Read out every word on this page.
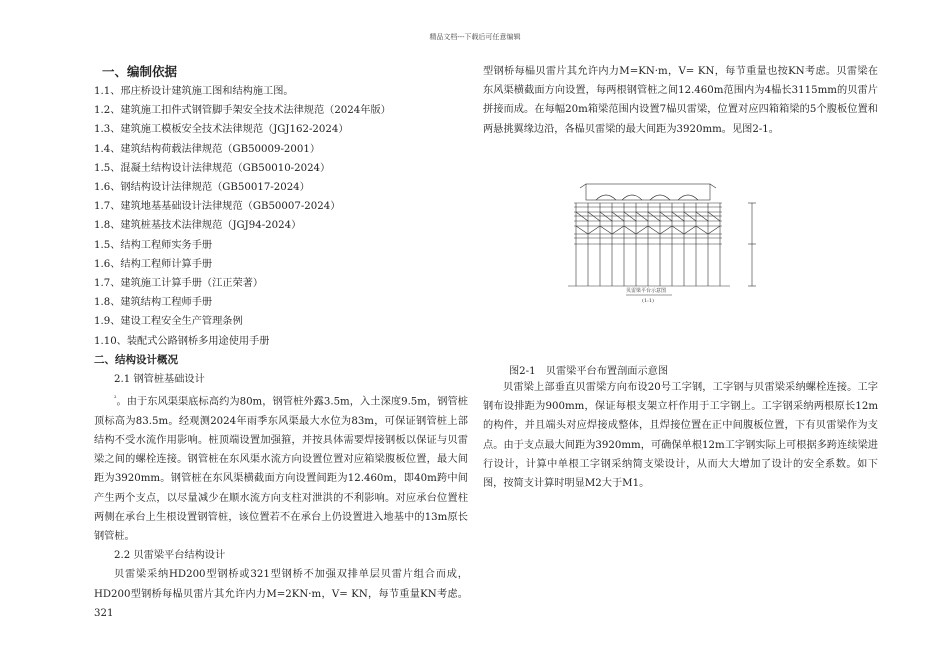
精品文档---下载后可任意编辑
一、编制依据
1.1、邢庄桥设计建筑施工图和结构施工图。
1.2、建筑施工扣件式钢管脚手架安全技术法律规范（2024年版）
1.3、建筑施工模板安全技术法律规范（JGJ162-2024）
1.4、建筑结构荷载法律规范（GB50009-2001）
1.5、混凝土结构设计法律规范（GB50010-2024）
1.6、钢结构设计法律规范（GB50017-2024）
1.7、建筑地基基础设计法律规范（GB50007-2024）
1.8、建筑桩基技术法律规范（JGJ94-2024）
1.5、结构工程师实务手册
1.6、结构工程师计算手册
1.7、建筑施工计算手册（江正荣著）
1.8、建筑结构工程师手册
1.9、建设工程安全生产管理条例
1.10、装配式公路钢桥多用途使用手册
二、结构设计概况
2.1 钢管桩基础设计
$^{^2}$。由于东风渠渠底标高约为80m，钢管桩外露3.5m，入土深度9.5m，钢管桩顶标高为83.5m。经观测2024年雨季东风渠最大水位为83m，可保证钢管桩上部结构不受水流作用影响。桩顶端设置加强箍，并按具体需要焊接钢板以保证与贝雷梁之间的螺栓连接。钢管桩在东风渠水流方向设置位置对应箱梁腹板位置，最大间距为3920mm。钢管桩在东风渠横截面方向设置间距为12.460m，即40m跨中间产生两个支点，以尽量减少在顺水流方向支柱对泄洪的不利影响。对应承台位置柱两侧在承台上生根设置钢管桩，该位置若不在承台上仍设置进入地基中的13m原长钢管桩。
2.2 贝雷梁平台结构设计
贝雷梁采纳HD200型钢桥或321型钢桥不加强双排单层贝雷片组合而成，HD200型钢桥每榀贝雷片其允许内力M=2KN·m，V= KN，每节重量KN考虑。321
型钢桥每榀贝雷片其允许内力M=KN·m，V= KN，每节重量也按KN考虑。贝雷梁在东风渠横截面方向设置，每两根钢管桩之间12.460m范围内为4榀长3115mm的贝雷片拼接而成。在每幅20m箱梁范围内设置7榀贝雷梁，位置对应四箱箱梁的5个腹板位置和两悬挑翼缘边沿，各榀贝雷梁的最大间距为3920mm。见图2-1。
贝雷梁平台示意图
(1:1)
图2-1　贝雷梁平台布置剖面示意图
贝雷梁上部垂直贝雷梁方向布设20号工字钢，工字钢与贝雷梁采纳螺栓连接。工字钢布设排距为900mm，保证每根支架立杆作用于工字钢上。工字钢采纳两根原长12m的构件，并且端头对应焊接成整体，且焊接位置在正中间腹板位置，下有贝雷梁作为支点。由于支点最大间距为3920mm，可确保单根12m工字钢实际上可根据多跨连续梁进行设计，计算中单根工字钢采纳简支梁设计，从而大大增加了设计的安全系数。如下图，按简支计算时明显M2大于M1。
